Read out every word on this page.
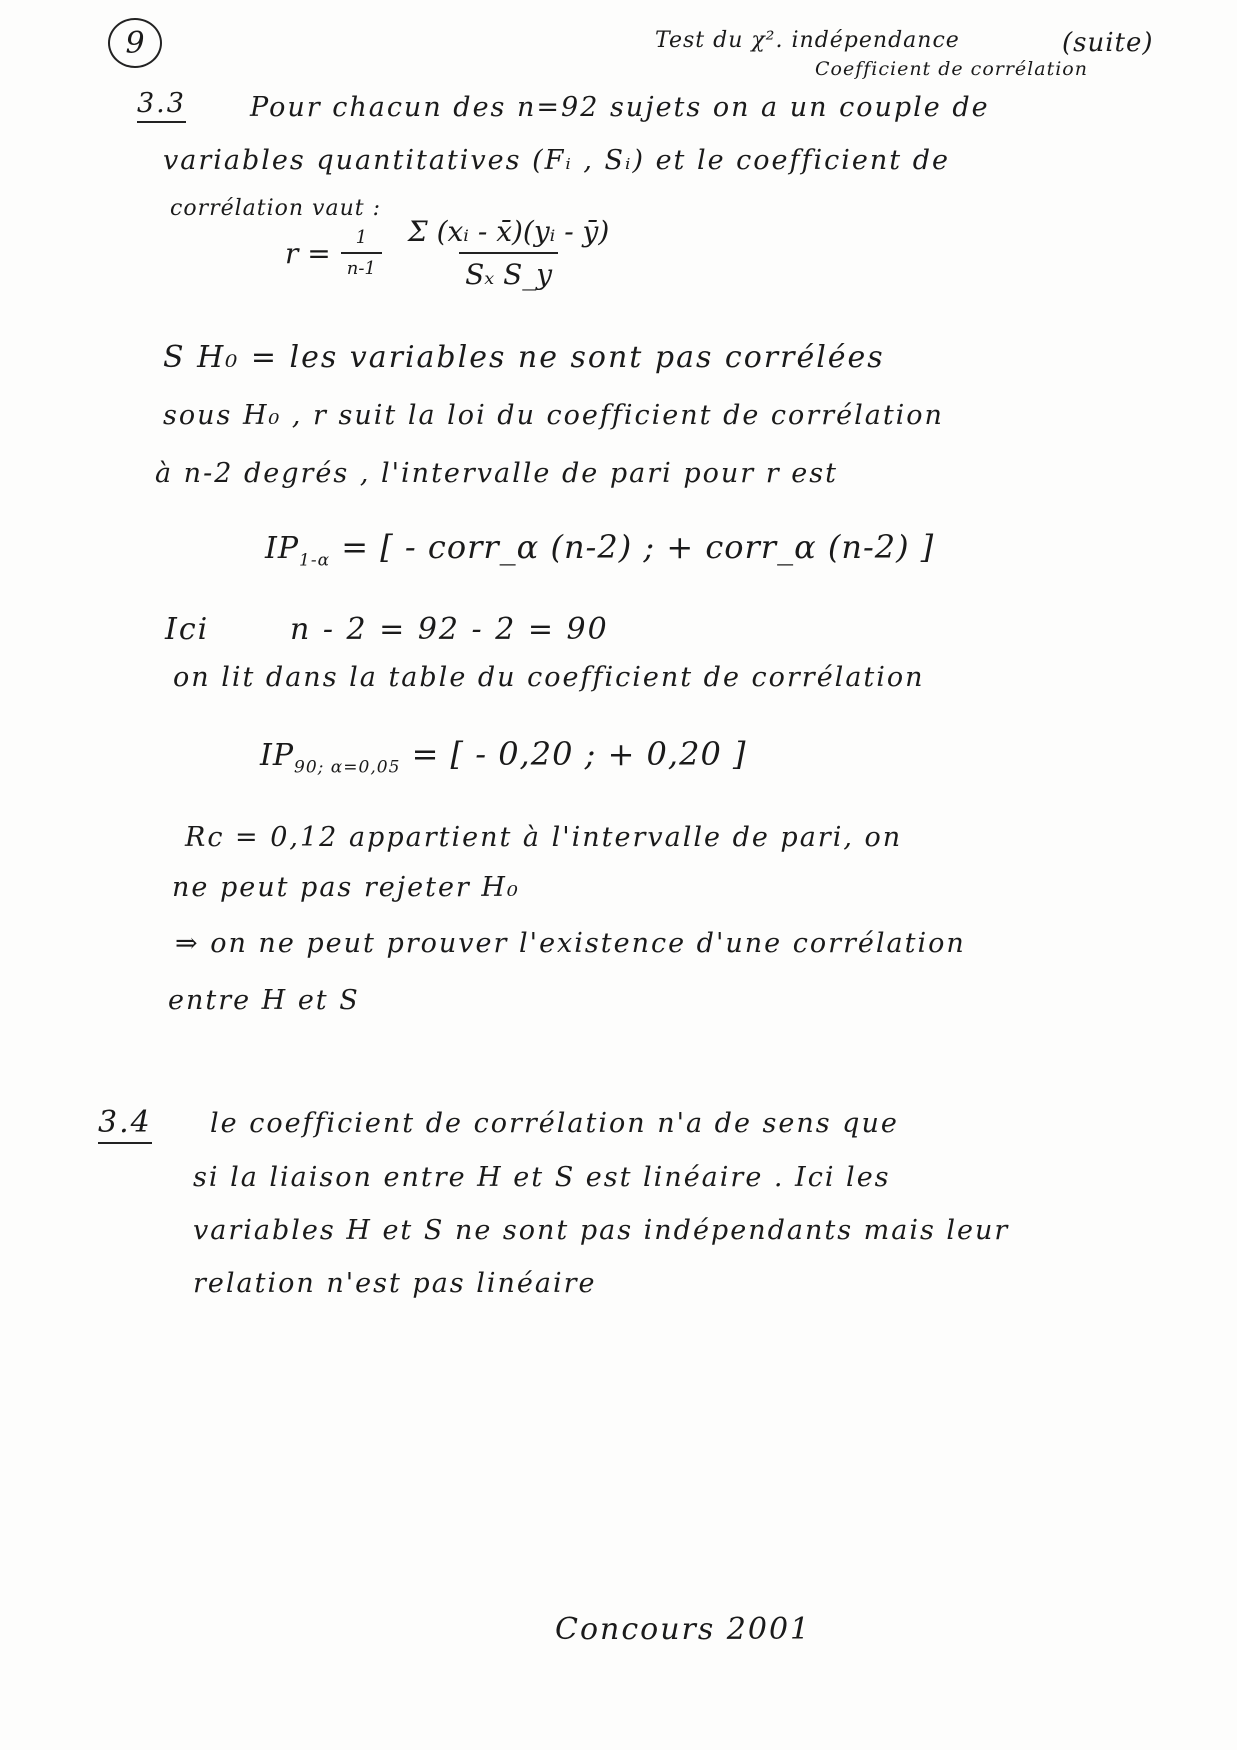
9	Test du χ². indépendance	(suite)
Coefficient de corrélation
3.3 Pour chacun des n=92 sujets on a un couple de
variables quantitatives (Fᵢ , Sᵢ) et le coefficient de
corrélation vaut :
$r = \frac{1}{n-1} \frac{\text{Σ (xᵢ - x̄)(yᵢ - ȳ)}}{\text{Sₓ S\_y}}$
S H₀ = les variables ne sont pas corrélées
sous H₀ , r suit la loi du coefficient de corrélation
à n-2 degrés , l'intervalle de pari pour r est
$IP_{1-\alpha}$ = [ - corr_α (n-2) ; + corr_α (n-2) ]
Ici	n - 2 = 92 - 2 = 90
on lit dans la table du coefficient de corrélation
$IP_{90; \alpha=0,05}$ = [ - 0,20 ; + 0,20 ]
Rc = 0,12 appartient à l'intervalle de pari, on
ne peut pas rejeter H₀
⇒ on ne peut prouver l'existence d'une corrélation
entre H et S
3.4 le coefficient de corrélation n'a de sens que
si la liaison entre H et S est linéaire . Ici les
variables H et S ne sont pas indépendants mais leur
relation n'est pas linéaire
Concours 2001
